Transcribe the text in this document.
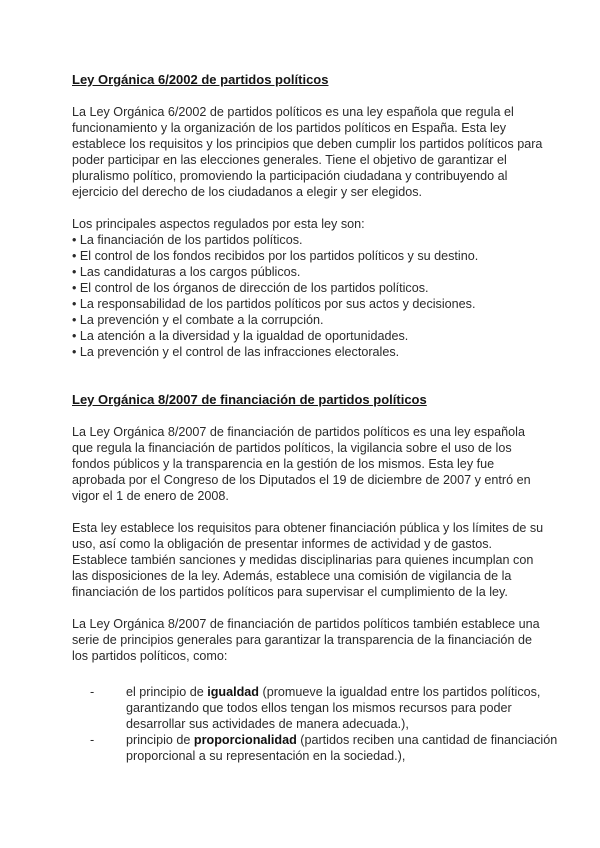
Ley Orgánica 6/2002 de partidos políticos

La Ley Orgánica 6/2002 de partidos políticos es una ley española que regula el
funcionamiento y la organización de los partidos políticos en España. Esta ley
establece los requisitos y los principios que deben cumplir los partidos políticos para
poder participar en las elecciones generales. Tiene el objetivo de garantizar el
pluralismo político, promoviendo la participación ciudadana y contribuyendo al
ejercicio del derecho de los ciudadanos a elegir y ser elegidos.

Los principales aspectos regulados por esta ley son:

• La financiación de los partidos políticos.
• El control de los fondos recibidos por los partidos políticos y su destino.
• Las candidaturas a los cargos públicos.
• El control de los órganos de dirección de los partidos políticos.
• La responsabilidad de los partidos políticos por sus actos y decisiones.
• La prevención y el combate a la corrupción.
• La atención a la diversidad y la igualdad de oportunidades.
• La prevención y el control de las infracciones electorales.
Ley Orgánica 8/2007 de financiación de partidos políticos

La Ley Orgánica 8/2007 de financiación de partidos políticos es una ley española
que regula la financiación de partidos políticos, la vigilancia sobre el uso de los
fondos públicos y la transparencia en la gestión de los mismos. Esta ley fue
aprobada por el Congreso de los Diputados el 19 de diciembre de 2007 y entró en
vigor el 1 de enero de 2008.

Esta ley establece los requisitos para obtener financiación pública y los límites de su
uso, así como la obligación de presentar informes de actividad y de gastos.
Establece también sanciones y medidas disciplinarias para quienes incumplan con
las disposiciones de la ley. Además, establece una comisión de vigilancia de la
financiación de los partidos políticos para supervisar el cumplimiento de la ley.

La Ley Orgánica 8/2007 de financiación de partidos políticos también establece una
serie de principios generales para garantizar la transparencia de la financiación de
los partidos políticos, como:

-	el principio de igualdad (promueve la igualdad entre los partidos políticos,
garantizando que todos ellos tengan los mismos recursos para poder
desarrollar sus actividades de manera adecuada.),
-	principio de proporcionalidad (partidos reciben una cantidad de financiación
proporcional a su representación en la sociedad.),
